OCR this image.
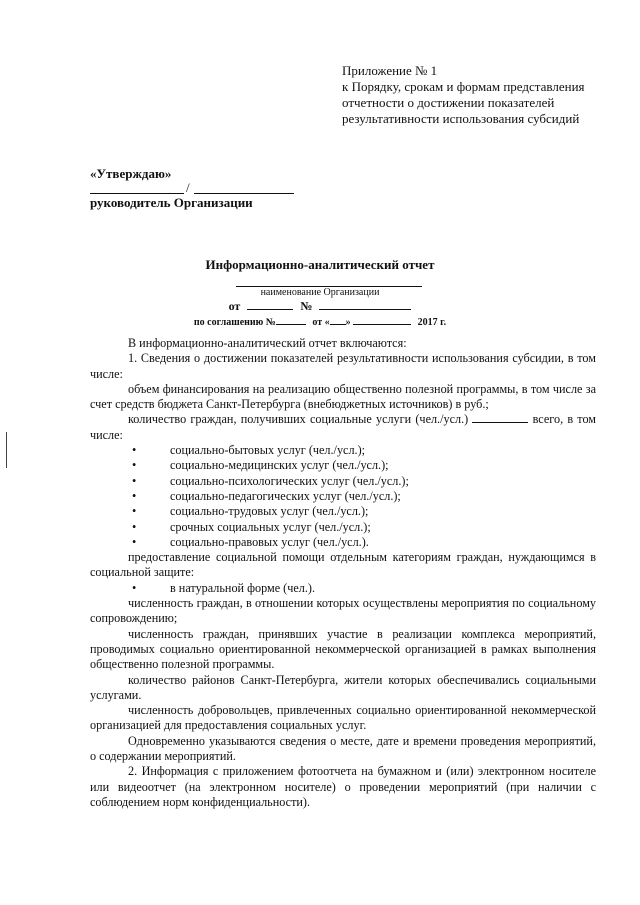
Приложение № 1
к Порядку, срокам и формам представления
отчетности о достижении показателей
результативности использования субсидий
«Утверждаю»
/
руководитель Организации
Информационно-аналитический отчет
наименование Организации
от	№
по соглашению №	от « »	2017 г.

В информационно-аналитический отчет включаются:

1. Сведения о достижении показателей результативности использования субсидии, в том числе:

объем финансирования на реализацию общественно полезной программы, в том числе за счет средств бюджета Санкт-Петербурга (внебюджетных источников) в руб.;

количество граждан, получивших социальные услуги (чел./усл.)	всего, в том числе:

•	социально-бытовых услуг (чел./усл.);

•	социально-медицинских услуг (чел./усл.);

•	социально-психологических услуг (чел./усл.);

•	социально-педагогических услуг (чел./усл.);

•	социально-трудовых услуг (чел./усл.);

•	срочных социальных услуг (чел./усл.);

•	социально-правовых услуг (чел./усл.).

предоставление социальной помощи отдельным категориям граждан, нуждающимся в социальной защите:

•	в натуральной форме (чел.).

численность граждан, в отношении которых осуществлены мероприятия по социальному сопровождению;

численность граждан, принявших участие в реализации комплекса мероприятий, проводимых социально ориентированной некоммерческой организацией в рамках выполнения общественно полезной программы.

количество районов Санкт-Петербурга, жители которых обеспечивались социальными услугами.

численность добровольцев, привлеченных социально ориентированной некоммерческой организацией для предоставления социальных услуг.

Одновременно указываются сведения о месте, дате и времени проведения мероприятий, о содержании мероприятий.

2. Информация с приложением фотоотчета на бумажном и (или) электронном носителе или видеоотчет (на электронном носителе) о проведении мероприятий (при наличии с соблюдением норм конфиденциальности).
